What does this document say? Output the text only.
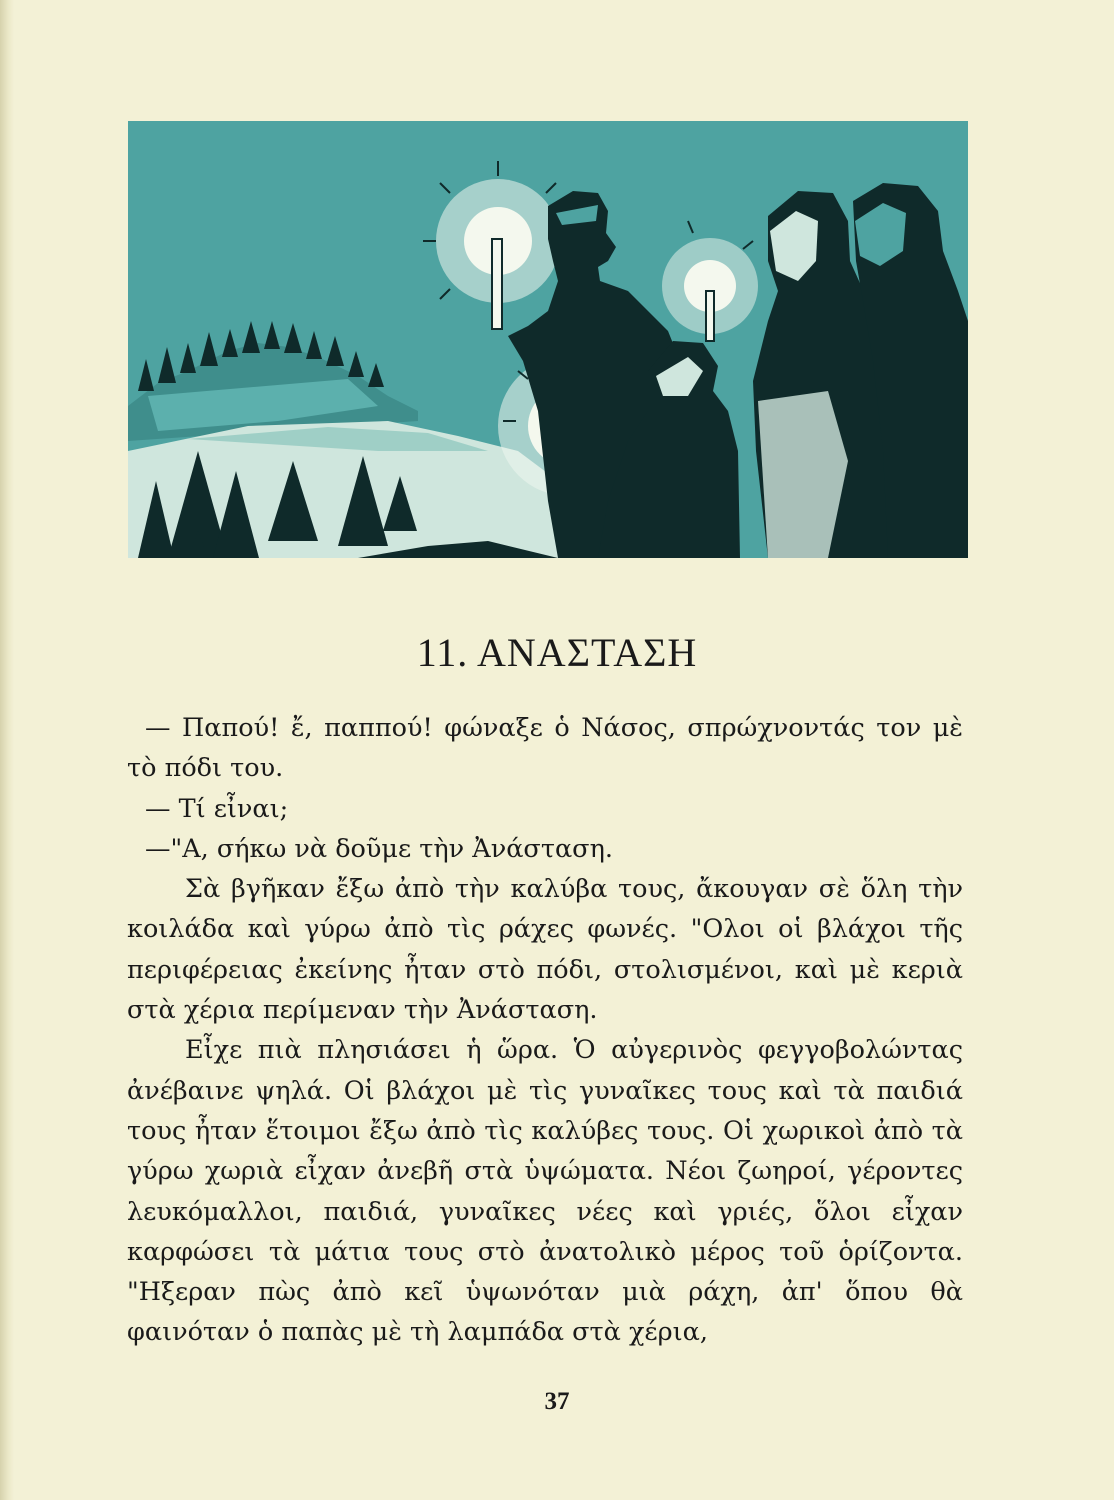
11. ΑΝΑΣΤΑΣΗ

— Παπού! ἔ, παππού! φώναξε ὁ Νάσος, σπρώχνοντάς τον μὲ τὸ πόδι του.

— Τί εἶναι;

—"Α, σήκω νὰ δοῦμε τὴν Ἀνάσταση.

Σὰ βγῆκαν ἔξω ἀπὸ τὴν καλύβα τους, ἄκουγαν σὲ ὅλη τὴν κοιλάδα καὶ γύρω ἀπὸ τὶς ράχες φωνές. "Ολοι οἱ βλάχοι τῆς περιφέρειας ἐκείνης ἦταν στὸ πόδι, στολισμένοι, καὶ μὲ κεριὰ στὰ χέρια περίμεναν τὴν Ἀνάσταση.

Εἶχε πιὰ πλησιάσει ἡ ὥρα. Ὁ αὐγερινὸς φεγγοβολώντας ἀνέβαινε ψηλά. Οἱ βλάχοι μὲ τὶς γυναῖκες τους καὶ τὰ παιδιά τους ἦταν ἕτοιμοι ἔξω ἀπὸ τὶς καλύβες τους. Οἱ χωρικοὶ ἀπὸ τὰ γύρω χωριὰ εἶχαν ἀνεβῆ στὰ ὑψώματα. Νέοι ζωηροί, γέροντες λευκόμαλλοι, παιδιά, γυναῖκες νέες καὶ γριές, ὅλοι εἶχαν καρφώσει τὰ μάτια τους στὸ ἀνατολικὸ μέρος τοῦ ὁρίζοντα. "Ηξεραν πὼς ἀπὸ κεῖ ὑψωνόταν μιὰ ράχη, ἀπ' ὅπου θὰ φαινόταν ὁ παπὰς μὲ τὴ λαμπάδα στὰ χέρια,

37
